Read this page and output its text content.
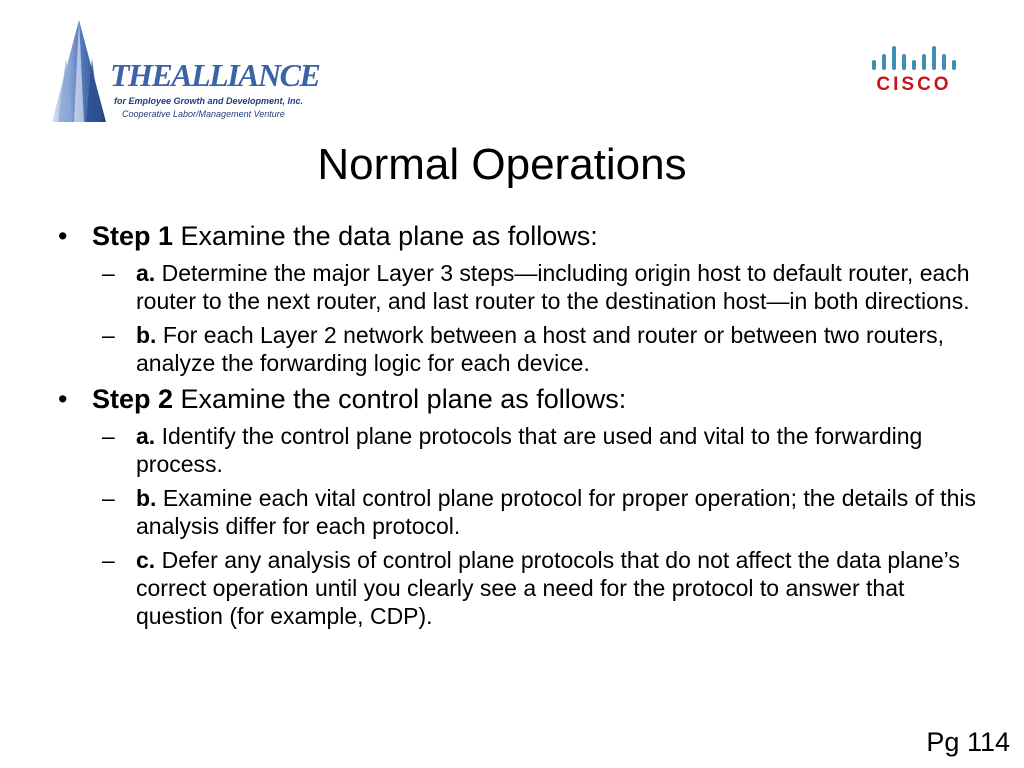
THEALLIANCE
for Employee Growth and Development, Inc.
Cooperative Labor/Management Venture
CISCO
Normal Operations
• Step 1 Examine the data plane as follows:
– a. Determine the major Layer 3 steps—including origin host to default router, each router to the next router, and last router to the destination host—in both directions.
– b. For each Layer 2 network between a host and router or between two routers, analyze the forwarding logic for each device.
• Step 2 Examine the control plane as follows:
– a. Identify the control plane protocols that are used and vital to the forwarding process.
– b. Examine each vital control plane protocol for proper operation; the details of this analysis differ for each protocol.
– c. Defer any analysis of control plane protocols that do not affect the data plane’s correct operation until you clearly see a need for the protocol to answer that question (for example, CDP).
Pg 114
